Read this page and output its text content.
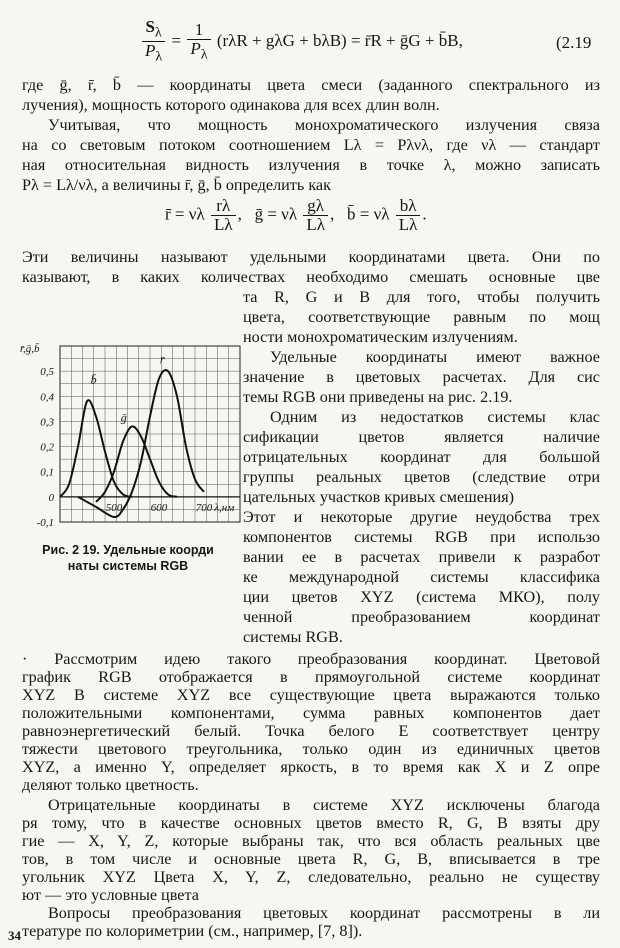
$\frac{S_\lambda}{P_\lambda} = \frac{1}{P_\lambda} (r\lambda R + g\lambda G + b\lambda B)$ = r̄R + ḡG + b̄B,	(2.19
где ḡ, r̄, b̄ — координаты цвета смеси (заданного спектрального из
лучения), мощность которого одинакова для всех длин волн.
Учитывая, что мощность монохроматического излучения связа
на со световым потоком соотношением Lλ = Pλνλ, где νλ — стандарт
ная относительная видность излучения в точке λ, можно записать
Pλ = Lλ/νλ, а величины r̄, ḡ, b̄ определить как
r̄ = νλ $\frac{r\lambda}{L\lambda}$ ,   ḡ = νλ $\frac{g\lambda}{L\lambda}$ ,   b̄ = νλ $\frac{b\lambda}{L\lambda}$ .
Эти величины называют удельными координатами цвета. Они по
казывают, в каких количествах необходимо смешать основные цве
та R, G и B для того, чтобы получить
цвета, соответствующие равным по мощ
ности монохроматическим излучениям.
Удельные координаты имеют важное
значение в цветовых расчетах. Для сис
темы RGB они приведены на рис. 2.19.
Одним из недостатков системы клас
сификации цветов является наличие
отрицательных координат для большой
группы реальных цветов (следствие отри
цательных участков кривых смешения)
Этот и некоторые другие неудобства трех
компонентов системы RGB при использо
вании ее в расчетах привели к разработ
ке международной системы классифика
ции цветов XYZ (система МКО), полу
ченной преобразованием координат
системы RGB.
0,5
0,4
0,3
0,2
0,1
0
-0,1
r̄,ḡ,b̄
500	600	700 λ,нм
b̄
ḡ
r̄
Рис. 2 19. Удельные коорди
наты системы RGB
· Рассмотрим идею такого преобразования координат. Цветовой
график RGB отображается в прямоугольной системе координат
XYZ В системе XYZ все существующие цвета выражаются только
положительными компонентами, сумма равных компонентов дает
равноэнергетический белый. Точка белого E соответствует центру
тяжести цветового треугольника, только один из единичных цветов
XYZ, а именно Y, определяет яркость, в то время как X и Z опре
деляют только цветность.
Отрицательные координаты в системе XYZ исключены благода
ря тому, что в качестве основных цветов вместо R, G, B взяты дру
гие — X, Y, Z, которые выбраны так, что вся область реальных цве
тов, в том числе и основные цвета R, G, B, вписывается в тре
угольник XYZ Цвета X, Y, Z, следовательно, реально не существу
ют — это условные цвета
34
Вопросы преобразования цветовых координат рассмотрены в ли
тературе по колориметрии (см., например, [7, 8]).
